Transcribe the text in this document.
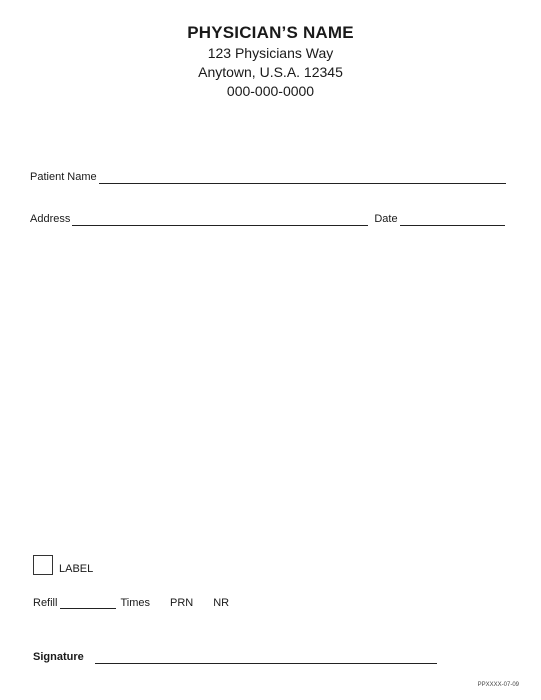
PHYSICIAN’S NAME
123 Physicians Way
Anytown, U.S.A. 12345
000-000-0000
Patient Name
Address	Date
LABEL
Refill	Times PRN NR
Signature
PPXXXX-07-09
